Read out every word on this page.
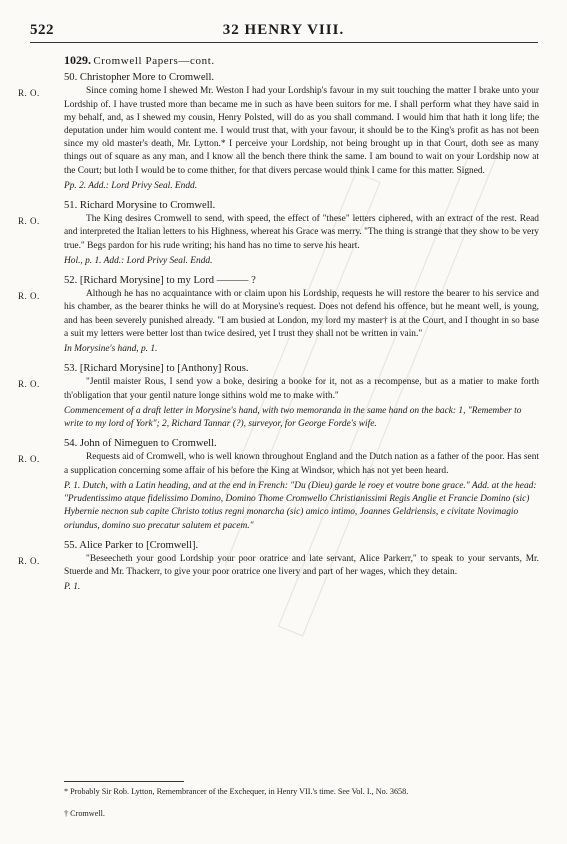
522	32 HENRY VIII.
1029. Cromwell Papers—cont.
50. Christopher More to Cromwell.
R. O.	Since coming home I shewed Mr. Weston I had your Lordship's favour in my suit touching the matter I brake unto your Lordship of. I have trusted more than became me in such as have been suitors for me. I shall perform what they have said in my behalf, and, as I shewed my cousin, Henry Polsted, will do as you shall command. I would him that hath it long life; the deputation under him would content me. I would trust that, with your favour, it should be to the King's profit as has not been since my old master's death, Mr. Lytton.* I perceive your Lordship, not being brought up in that Court, doth see as many things out of square as any man, and I know all the bench there think the same. I am bound to wait on your Lordship now at the Court; but loth I would be to come thither, for that divers percase would think I came for this matter. Signed.

Pp. 2. Add.: Lord Privy Seal. Endd.
51. Richard Morysine to Cromwell.
R. O.	The King desires Cromwell to send, with speed, the effect of "these" letters ciphered, with an extract of the rest. Read and interpreted the Italian letters to his Highness, whereat his Grace was merry. "The thing is strange that they show to be very true." Begs pardon for his rude writing; his hand has no time to serve his heart.

Hol., p. 1. Add.: Lord Privy Seal. Endd.
52. [Richard Morysine] to my Lord ——— ?
R. O.	Although he has no acquaintance with or claim upon his Lordship, requests he will restore the bearer to his service and his chamber, as the bearer thinks he will do at Morysine's request. Does not defend his offence, but he meant well, is young, and has been severely punished already. "I am busied at London, my lord my master† is at the Court, and I thought in so base a suit my letters were better lost than twice desired, yet I trust they shall not be written in vain."

In Morysine's hand, p. 1.
53. [Richard Morysine] to [Anthony] Rous.
R. O.	"Jentil maister Rous, I send yow a boke, desiring a booke for it, not as a recompense, but as a matier to make forth th'obligation that your gentil nature longe sithins wold me to make with."

Commencement of a draft letter in Morysine's hand, with two memoranda in the same hand on the back: 1, "Remember to write to my lord of York"; 2, Richard Tannar (?), surveyor, for George Forde's wife.
54. John of Nimeguen to Cromwell.
R. O.	Requests aid of Cromwell, who is well known throughout England and the Dutch nation as a father of the poor. Has sent a supplication concerning some affair of his before the King at Windsor, which has not yet been heard.

P. 1. Dutch, with a Latin heading, and at the end in French: "Du (Dieu) garde le roey et voutre bone grace." Add. at the head: "Prudentissimo atque fidelissimo Domino, Domino Thome Cromwello Christianissimi Regis Anglie et Francie Domino (sic) Hybernie necnon sub capite Christo totius regni monarcha (sic) amico intimo, Joannes Geldriensis, e civitate Novimagio oriundus, domino suo precatur salutem et pacem."
55. Alice Parker to [Cromwell].
R. O.	"Beseecheth your good Lordship your poor oratrice and late servant, Alice Parkerr," to speak to your servants, Mr. Stuerde and Mr. Thackerr, to give your poor oratrice one livery and part of her wages, which they detain.

P. 1.
* Probably Sir Rob. Lytton, Remembrancer of the Exchequer, in Henry VII.'s time. See Vol. I., No. 3658.
† Cromwell.
